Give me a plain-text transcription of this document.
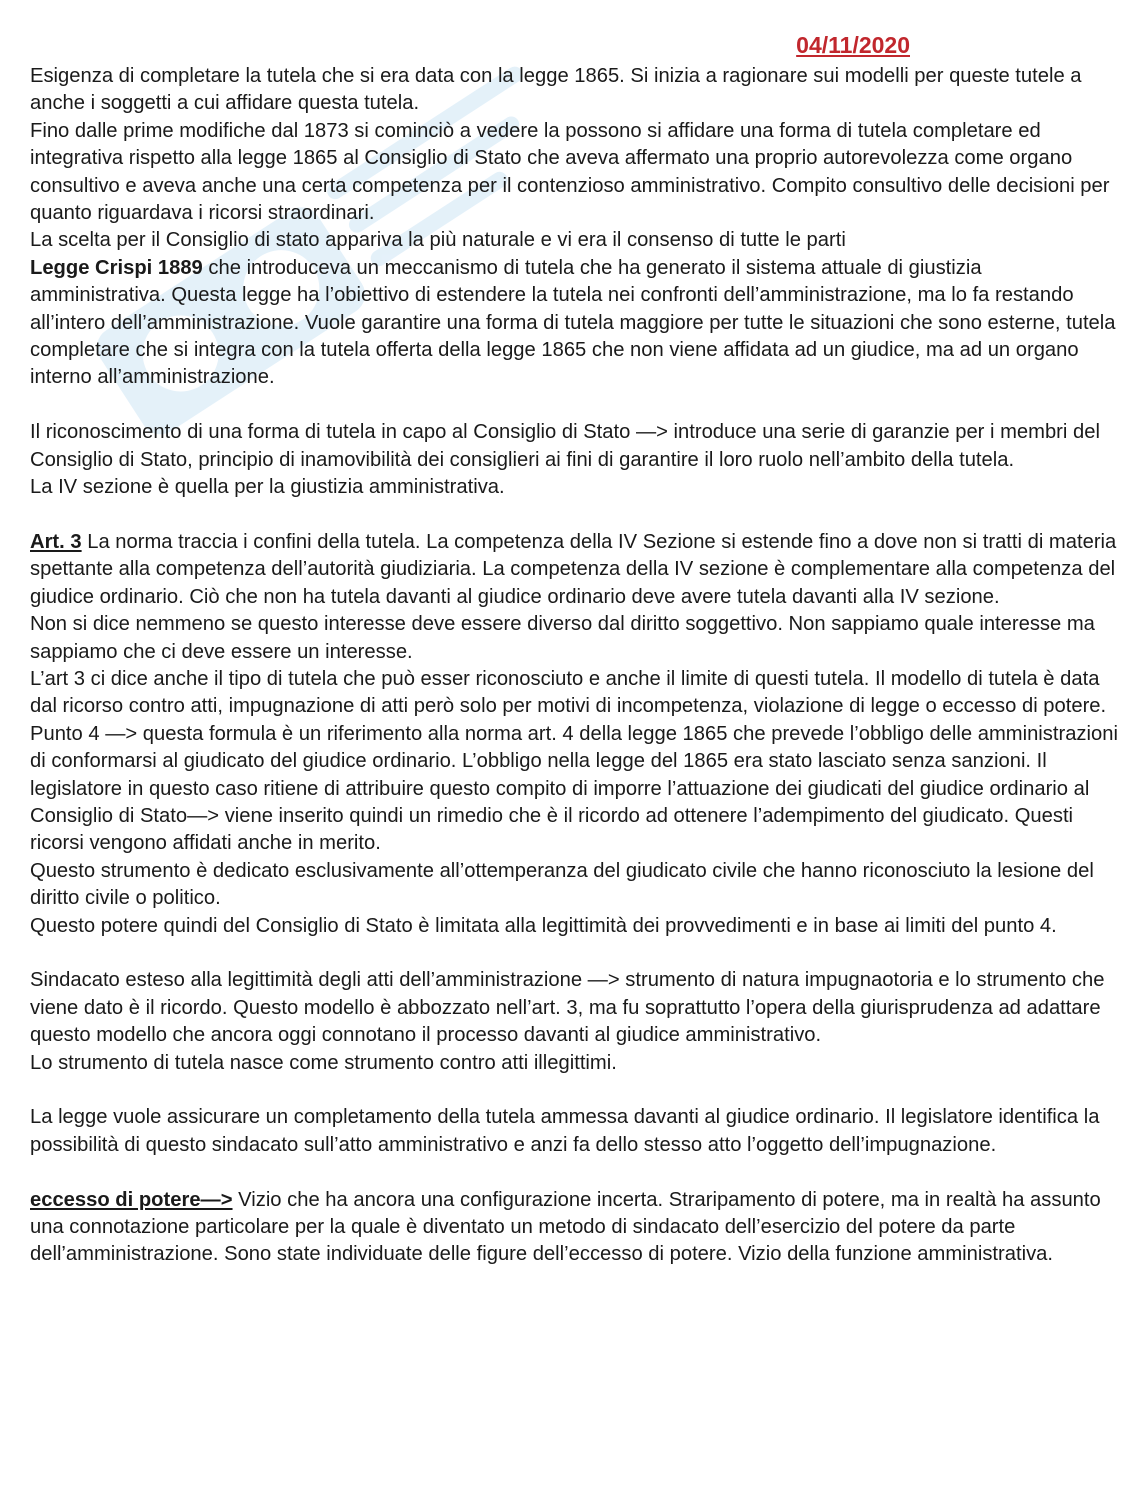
04/11/2020

Esigenza di completare la tutela che si era data con la legge 1865. Si inizia a ragionare sui modelli per queste tutele a anche i soggetti a cui affidare questa tutela.

Fino dalle prime modifiche dal 1873 si cominciò a vedere la possono si affidare una forma di tutela completare ed integrativa rispetto alla legge 1865 al Consiglio di Stato che aveva affermato una proprio autorevolezza come organo consultivo e aveva anche una certa competenza per il contenzioso amministrativo. Compito consultivo delle decisioni per quanto riguardava i ricorsi straordinari.

La scelta per il Consiglio di stato appariva la più naturale e vi era il consenso di tutte le parti

Legge Crispi 1889 che introduceva un meccanismo di tutela che ha generato il sistema attuale di giustizia amministrativa. Questa legge ha l’obiettivo di estendere la tutela nei confronti dell’amministrazione, ma lo fa restando all’intero dell’amministrazione. Vuole garantire una forma di tutela maggiore per tutte le situazioni che sono esterne, tutela completare che si integra con la tutela offerta della legge 1865 che non viene affidata ad un giudice, ma ad un organo interno all’amministrazione.

Il riconoscimento di una forma di tutela in capo al Consiglio di Stato —> introduce una serie di garanzie per i membri del Consiglio di Stato, principio di inamovibilità dei consiglieri ai fini di garantire il loro ruolo nell’ambito della tutela.

La IV sezione è quella per la giustizia amministrativa.

Art. 3 La norma traccia i confini della tutela. La competenza della IV Sezione si estende fino a dove non si tratti di materia spettante alla competenza dell’autorità giudiziaria. La competenza della IV sezione è complementare alla competenza del giudice ordinario. Ciò che non ha tutela davanti al giudice ordinario deve avere tutela davanti alla IV sezione.

Non si dice nemmeno se questo interesse deve essere diverso dal diritto soggettivo. Non sappiamo quale interesse ma sappiamo che ci deve essere un interesse.

L’art 3 ci dice anche il tipo di tutela che può esser riconosciuto e anche il limite di questi tutela. Il modello di tutela è data dal ricorso contro atti, impugnazione di atti però solo per motivi di incompetenza, violazione di legge o eccesso di potere.

Punto 4 —> questa formula è un riferimento alla norma art. 4 della legge 1865 che prevede l’obbligo delle amministrazioni di conformarsi al giudicato del giudice ordinario. L’obbligo nella legge del 1865 era stato lasciato senza sanzioni. Il legislatore in questo caso ritiene di attribuire questo compito di imporre l’attuazione dei giudicati del giudice ordinario al Consiglio di Stato—> viene inserito quindi un rimedio che è il ricordo ad ottenere l’adempimento del giudicato. Questi ricorsi vengono affidati anche in merito.

Questo strumento è dedicato esclusivamente all’ottemperanza del giudicato civile che hanno riconosciuto la lesione del diritto civile o politico.

Questo potere quindi del Consiglio di Stato è limitata alla legittimità dei provvedimenti e in base ai limiti del punto 4.

Sindacato esteso alla legittimità degli atti dell’amministrazione —> strumento di natura impugnaotoria e lo strumento che viene dato è il ricordo. Questo modello è abbozzato nell’art. 3, ma fu soprattutto l’opera della giurisprudenza ad adattare questo modello che ancora oggi connotano il processo davanti al giudice amministrativo.

Lo strumento di tutela nasce come strumento contro atti illegittimi.

La legge vuole assicurare un completamento della tutela ammessa davanti al giudice ordinario. Il legislatore identifica la possibilità di questo sindacato sull’atto amministrativo e anzi fa dello stesso atto l’oggetto dell’impugnazione.

eccesso di potere—> Vizio che ha ancora una configurazione incerta. Straripamento di potere, ma in realtà ha assunto una connotazione particolare per la quale è diventato un metodo di sindacato dell’esercizio del potere da parte dell’amministrazione. Sono state individuate delle figure dell’eccesso di potere. Vizio della funzione amministrativa.
